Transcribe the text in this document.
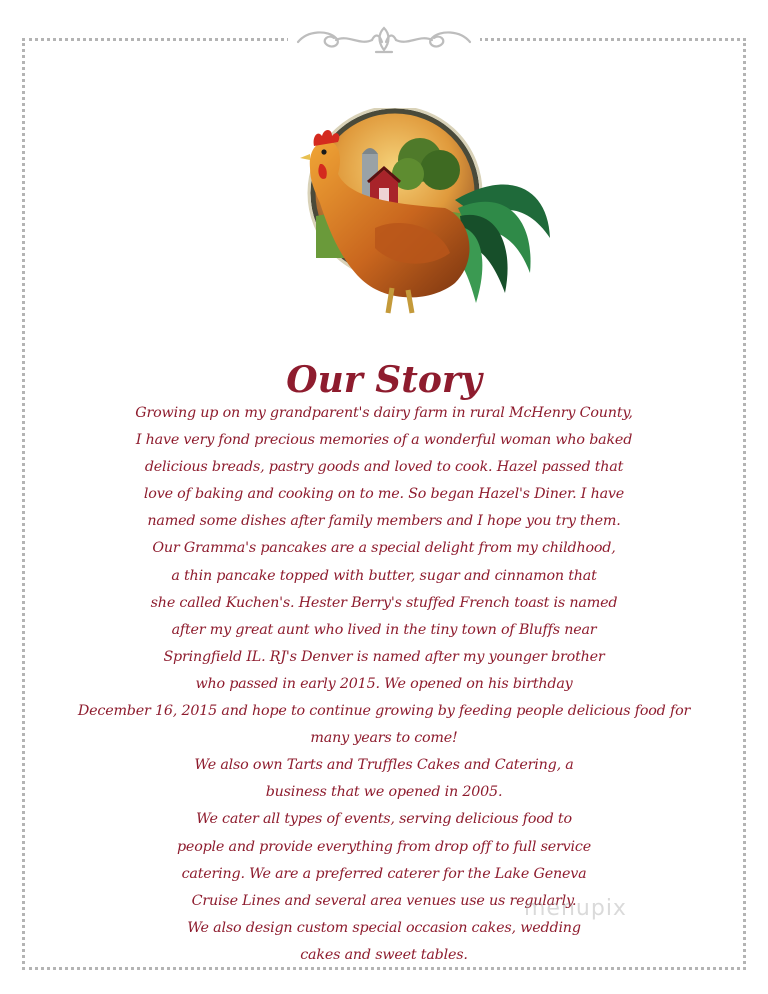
Our Story

Growing up on my grandparent's dairy farm in rural McHenry County,
I have very fond precious memories of a wonderful woman who baked
delicious breads, pastry goods and loved to cook. Hazel passed that
love of baking and cooking on to me. So began Hazel's Diner. I have
named some dishes after family members and I hope you try them.
Our Gramma's pancakes are a special delight from my childhood,
a thin pancake topped with butter, sugar and cinnamon that
she called Kuchen's. Hester Berry's stuffed French toast is named
after my great aunt who lived in the tiny town of Bluffs near
Springfield IL. RJ's Denver is named after my younger brother
who passed in early 2015. We opened on his birthday
December 16, 2015 and hope to continue growing by feeding people delicious food for
many years to come!
We also own Tarts and Truffles Cakes and Catering, a
business that we opened in 2005.
We cater all types of events, serving delicious food to
people and provide everything from drop off to full service
catering. We are a preferred caterer for the Lake Geneva
Cruise Lines and several area venues use us regularly.
We also design custom special occasion cakes, wedding
cakes and sweet tables.

menupix
